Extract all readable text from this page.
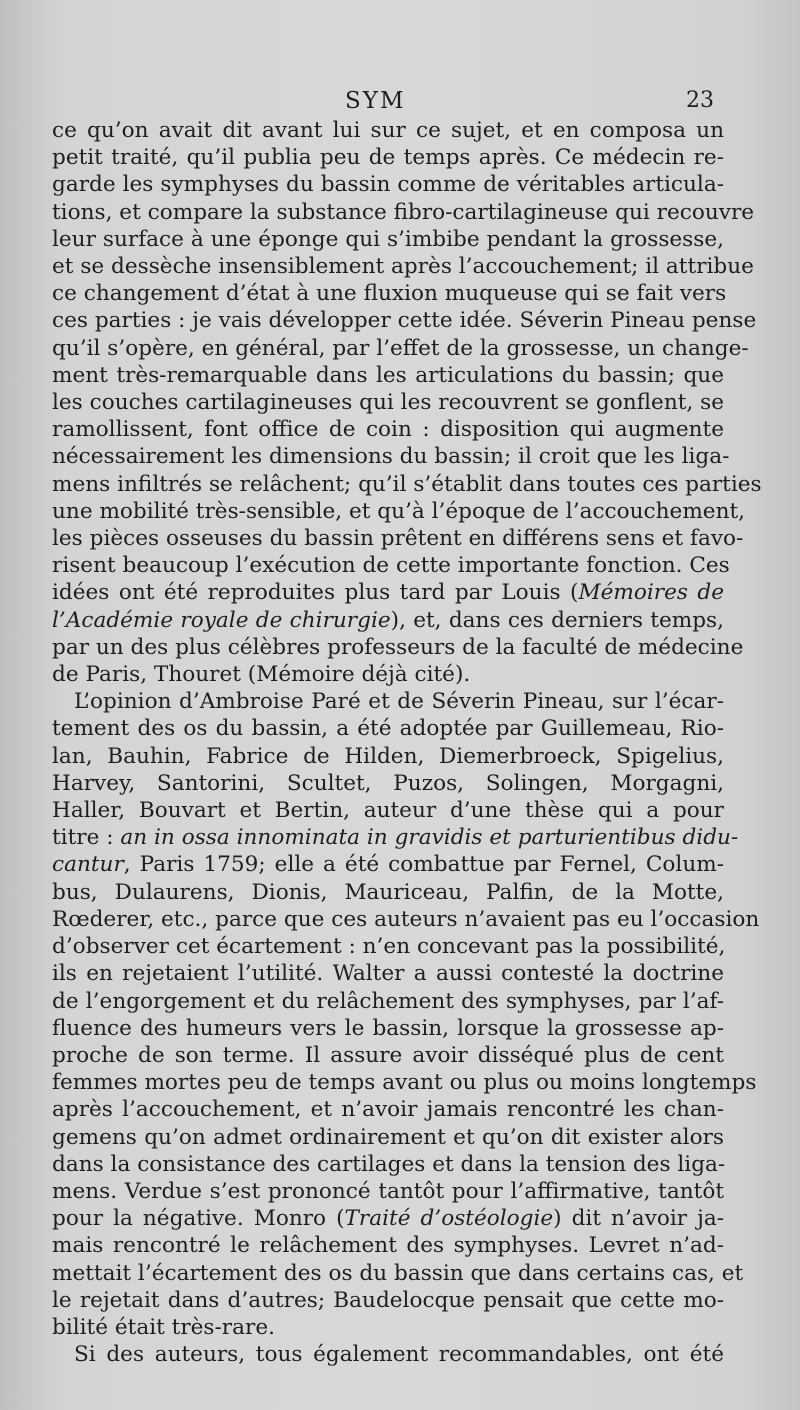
SYM	23
ce qu’on avait dit avant lui sur ce sujet, et en composa un
petit traité, qu’il publia peu de temps après. Ce médecin re-
garde les symphyses du bassin comme de véritables articula-
tions, et compare la substance fibro-cartilagineuse qui recouvre
leur surface à une éponge qui s’imbibe pendant la grossesse,
et se dessèche insensiblement après l’accouchement; il attribue
ce changement d’état à une fluxion muqueuse qui se fait vers
ces parties : je vais développer cette idée. Séverin Pineau pense
qu’il s’opère, en général, par l’effet de la grossesse, un change-
ment très-remarquable dans les articulations du bassin; que
les couches cartilagineuses qui les recouvrent se gonflent, se
ramollissent, font office de coin : disposition qui augmente
nécessairement les dimensions du bassin; il croit que les liga-
mens infiltrés se relâchent; qu’il s’établit dans toutes ces parties
une mobilité très-sensible, et qu’à l’époque de l’accouchement,
les pièces osseuses du bassin prêtent en différens sens et favo-
risent beaucoup l’exécution de cette importante fonction. Ces
idées ont été reproduites plus tard par Louis (Mémoires de
l’Académie royale de chirurgie), et, dans ces derniers temps,
par un des plus célèbres professeurs de la faculté de médecine
de Paris, Thouret (Mémoire déjà cité).
L’opinion d’Ambroise Paré et de Séverin Pineau, sur l’écar-
tement des os du bassin, a été adoptée par Guillemeau, Rio-
lan, Bauhin, Fabrice de Hilden, Diemerbroeck, Spigelius,
Harvey, Santorini, Scultet, Puzos, Solingen, Morgagni,
Haller, Bouvart et Bertin, auteur d’une thèse qui a pour
titre : an in ossa innominata in gravidis et parturientibus didu-
cantur, Paris 1759; elle a été combattue par Fernel, Colum-
bus, Dulaurens, Dionis, Mauriceau, Palfin, de la Motte,
Rœderer, etc., parce que ces auteurs n’avaient pas eu l’occasion
d’observer cet écartement : n’en concevant pas la possibilité,
ils en rejetaient l’utilité. Walter a aussi contesté la doctrine
de l’engorgement et du relâchement des symphyses, par l’af-
fluence des humeurs vers le bassin, lorsque la grossesse ap-
proche de son terme. Il assure avoir disséqué plus de cent
femmes mortes peu de temps avant ou plus ou moins longtemps
après l’accouchement, et n’avoir jamais rencontré les chan-
gemens qu’on admet ordinairement et qu’on dit exister alors
dans la consistance des cartilages et dans la tension des liga-
mens. Verdue s’est prononcé tantôt pour l’affirmative, tantôt
pour la négative. Monro (Traité d’ostéologie) dit n’avoir ja-
mais rencontré le relâchement des symphyses. Levret n’ad-
mettait l’écartement des os du bassin que dans certains cas, et
le rejetait dans d’autres; Baudelocque pensait que cette mo-
bilité était très-rare.
Si des auteurs, tous également recommandables, ont été
